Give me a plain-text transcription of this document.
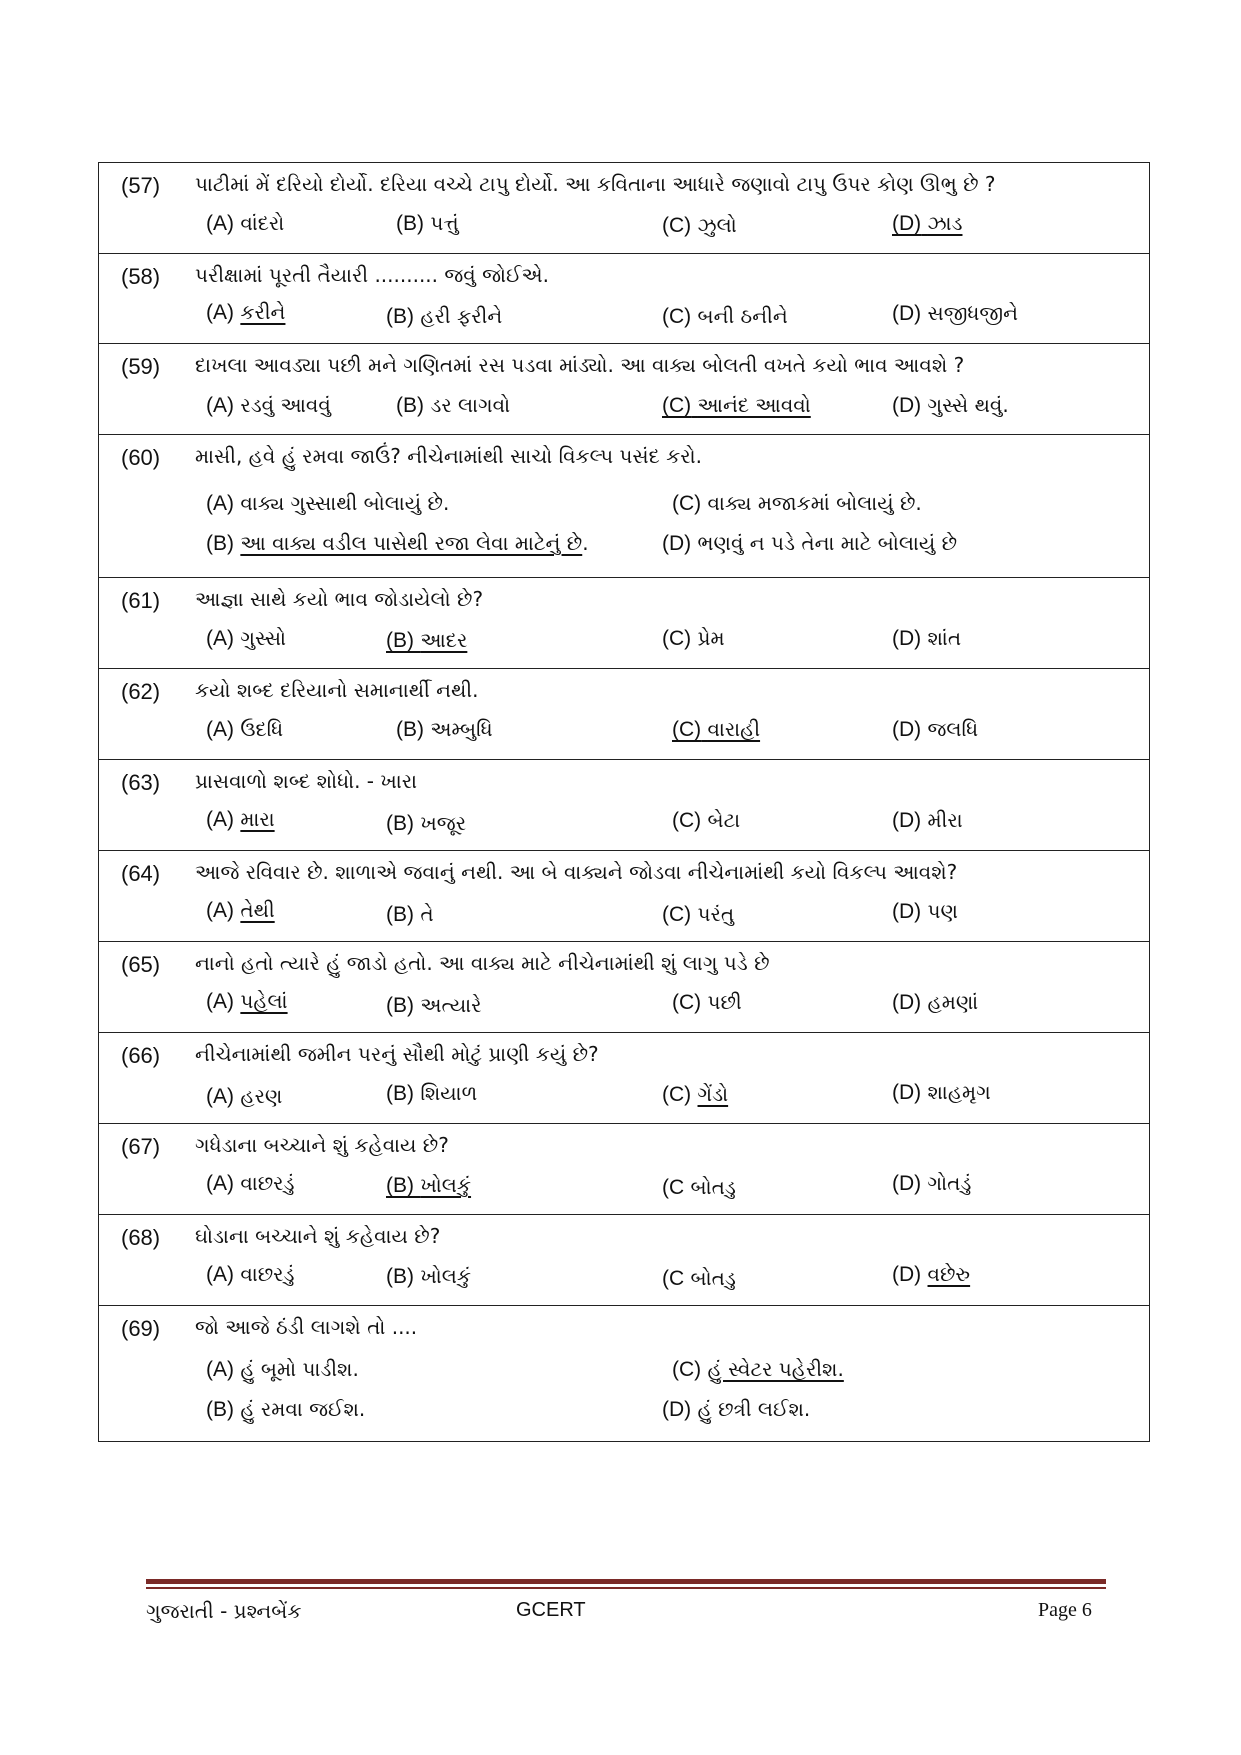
(57) પાટીમાં મેં દરિયો દોર્યો. દરિયા વચ્ચે ટાપુ દોર્યો. આ કવિતાના આધારે જણાવો ટાપુ ઉપર કોણ ઊભુ છે ?
(A) વાંદરો	(B) પત્તું	(C) ઝુલો	(D) ઝાડ
(58) પરીક્ષામાં પૂરતી તૈયારી .......... જવું જોઈએ.
(A) કરીને	(B) હરી ફરીને	(C) બની ઠનીને	(D) સજીધજીને
(59) દાખલા આવડ્યા પછી મને ગણિતમાં રસ પડવા માંડ્યો. આ વાક્ય બોલતી વખતે કયો ભાવ આવશે ?
(A) રડવું આવવું	(B) ડર લાગવો	(C) આનંદ આવવો	(D) ગુસ્સે થવું.
(60) માસી, હવે હું રમવા જાઉં? નીચેનામાંથી સાચો વિકલ્પ પસંદ કરો.
(A) વાક્ય ગુસ્સાથી બોલાયું છે.	(C) વાક્ય મજાકમાં બોલાયું છે.
(B) આ વાક્ય વડીલ પાસેથી રજા લેવા માટેનું છે.	(D) ભણવું ન પડે તેના માટે બોલાયું છે
(61) આજ્ઞા સાથે કયો ભાવ જોડાયેલો છે?
(A) ગુસ્સો	(B) આદર	(C) પ્રેમ	(D) શાંત
(62) કયો શબ્દ દરિયાનો સમાનાર્થી નથી.
(A) ઉદધિ	(B) અમ્બુધિ	(C) વારાહી	(D) જલધિ
(63) પ્રાસવાળો શબ્દ શોધો. - ખારા
(A) મારા	(B) ખજૂર	(C) બેટા	(D) મીરા
(64) આજે રવિવાર છે. શાળાએ જવાનું નથી. આ બે વાક્યને જોડવા નીચેનામાંથી કયો વિકલ્પ આવશે?
(A) તેથી	(B) તે	(C) પરંતુ	(D) પણ
(65) નાનો હતો ત્યારે હું જાડો હતો. આ વાક્ય માટે નીચેનામાંથી શું લાગુ પડે છે
(A) પહેલાં	(B) અત્યારે	(C) પછી	(D) હમણાં
(66) નીચેનામાંથી જમીન પરનું સૌથી મોટું પ્રાણી કયું છે?
(A) હરણ	(B) શિયાળ	(C) ગેંડો	(D) શાહમૃગ
(67) ગધેડાના બચ્ચાને શું કહેવાય છે?
(A) વાછરડું	(B) ખોલકું	(C બોતડુ	(D) ગોતડું
(68) ઘોડાના બચ્ચાને શું કહેવાય છે?
(A) વાછરડું	(B) ખોલકું	(C બોતડુ	(D) વછેરુ
(69) જો આજે ઠંડી લાગશે તો ....
(A) હું બૂમો પાડીશ.	(C) હું સ્વેટર પહેરીશ.
(B) હું રમવા જઈશ.	(D) હું છત્રી લઈશ.
ગુજરાતી - પ્રશ્નબેંક	GCERT	Page 6
